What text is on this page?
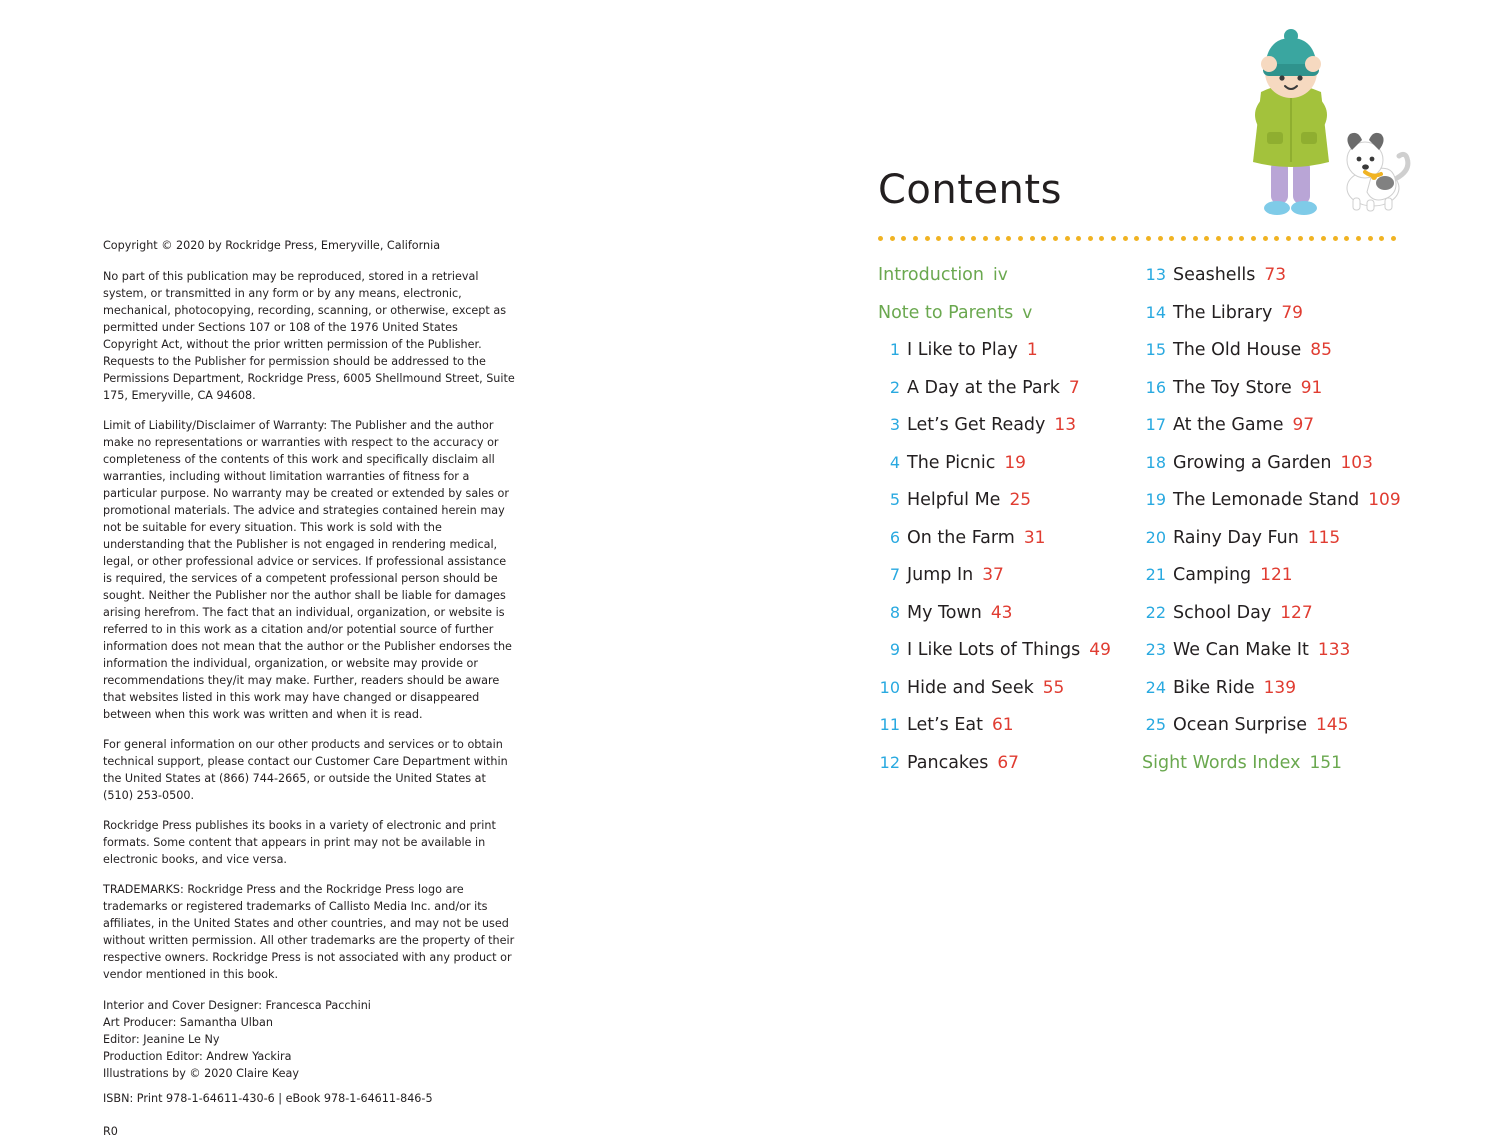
Copyright © 2020 by Rockridge Press, Emeryville, California

No part of this publication may be reproduced, stored in a retrieval system, or transmitted in any form or by any means, electronic, mechanical, photocopying, recording, scanning, or otherwise, except as permitted under Sections 107 or 108 of the 1976 United States Copyright Act, without the prior written permission of the Publisher. Requests to the Publisher for permission should be addressed to the Permissions Department, Rockridge Press, 6005 Shellmound Street, Suite 175, Emeryville, CA 94608.

Limit of Liability/Disclaimer of Warranty: The Publisher and the author make no representations or warranties with respect to the accuracy or completeness of the contents of this work and specifically disclaim all warranties, including without limitation warranties of fitness for a particular purpose. No warranty may be created or extended by sales or promotional materials. The advice and strategies contained herein may not be suitable for every situation. This work is sold with the understanding that the Publisher is not engaged in rendering medical, legal, or other professional advice or services. If professional assistance is required, the services of a competent professional person should be sought. Neither the Publisher nor the author shall be liable for damages arising herefrom. The fact that an individual, organization, or website is referred to in this work as a citation and/or potential source of further information does not mean that the author or the Publisher endorses the information the individual, organization, or website may provide or recommendations they/it may make. Further, readers should be aware that websites listed in this work may have changed or disappeared between when this work was written and when it is read.

For general information on our other products and services or to obtain technical support, please contact our Customer Care Department within the United States at (866) 744-2665, or outside the United States at (510) 253-0500.

Rockridge Press publishes its books in a variety of electronic and print formats. Some content that appears in print may not be available in electronic books, and vice versa.

TRADEMARKS: Rockridge Press and the Rockridge Press logo are trademarks or registered trademarks of Callisto Media Inc. and/or its affiliates, in the United States and other countries, and may not be used without written permission. All other trademarks are the property of their respective owners. Rockridge Press is not associated with any product or vendor mentioned in this book.

Interior and Cover Designer: Francesca Pacchini
Art Producer: Samantha Ulban
Editor: Jeanine Le Ny
Production Editor: Andrew Yackira
Illustrations by © 2020 Claire Keay
ISBN: Print 978-1-64611-430-6 | eBook 978-1-64611-846-5
R0
Contents
Introduction iv
Note to Parents v
1 I Like to Play 1
2 A Day at the Park 7
3 Let’s Get Ready 13
4 The Picnic 19
5 Helpful Me 25
6 On the Farm 31
7 Jump In 37
8 My Town 43
9 I Like Lots of Things 49
10 Hide and Seek 55
11 Let’s Eat 61
12 Pancakes 67
13 Seashells 73
14 The Library 79
15 The Old House 85
16 The Toy Store 91
17 At the Game 97
18 Growing a Garden 103
19 The Lemonade Stand 109
20 Rainy Day Fun 115
21 Camping 121
22 School Day 127
23 We Can Make It 133
24 Bike Ride 139
25 Ocean Surprise 145
Sight Words Index 151
